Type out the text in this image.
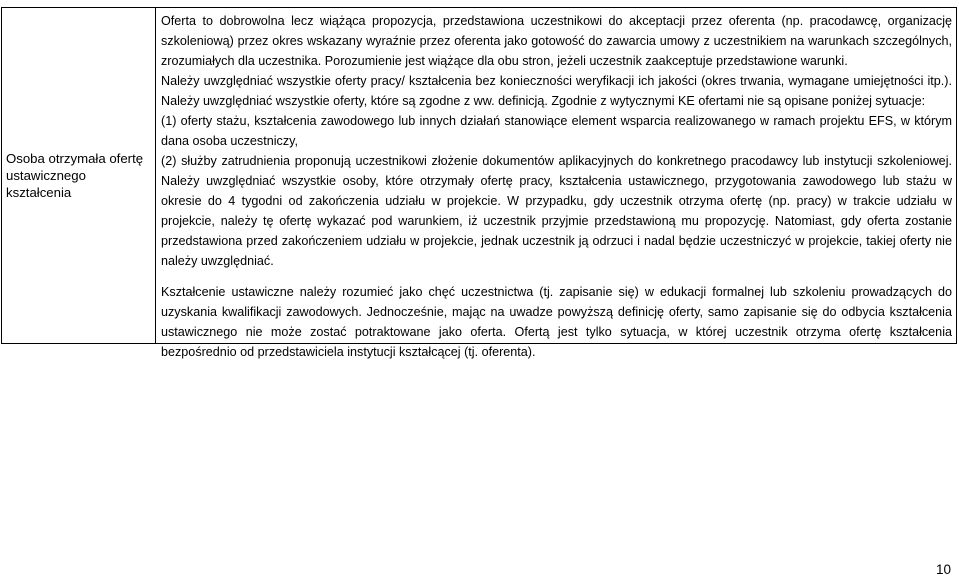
Osoba otrzymała ofertę ustawicznego kształcenia

Oferta to dobrowolna lecz wiążąca propozycja, przedstawiona uczestnikowi do akceptacji przez oferenta (np. pracodawcę, organizację szkoleniową) przez okres wskazany wyraźnie przez oferenta jako gotowość do zawarcia umowy z uczestnikiem na warunkach szczególnych, zrozumiałych dla uczestnika. Porozumienie jest wiążące dla obu stron, jeżeli uczestnik zaakceptuje przedstawione warunki.

Należy uwzględniać wszystkie oferty pracy/ kształcenia bez konieczności weryfikacji ich jakości (okres trwania, wymagane umiejętności itp.). Należy uwzględniać wszystkie oferty, które są zgodne z ww. definicją. Zgodnie z wytycznymi KE ofertami nie są opisane poniżej sytuacje:

(1) oferty stażu, kształcenia zawodowego lub innych działań stanowiące element wsparcia realizowanego w ramach projektu EFS, w którym dana osoba uczestniczy,

(2) służby zatrudnienia proponują uczestnikowi złożenie dokumentów aplikacyjnych do konkretnego pracodawcy lub instytucji szkoleniowej. Należy uwzględniać wszystkie osoby, które otrzymały ofertę pracy, kształcenia ustawicznego, przygotowania zawodowego lub stażu w okresie do 4 tygodni od zakończenia udziału w projekcie. W przypadku, gdy uczestnik otrzyma ofertę (np. pracy) w trakcie udziału w projekcie, należy tę ofertę wykazać pod warunkiem, iż uczestnik przyjmie przedstawioną mu propozycję. Natomiast, gdy oferta zostanie przedstawiona przed zakończeniem udziału w projekcie, jednak uczestnik ją odrzuci i nadal będzie uczestniczyć w projekcie, takiej oferty nie należy uwzględniać.

Kształcenie ustawiczne należy rozumieć jako chęć uczestnictwa (tj. zapisanie się) w edukacji formalnej lub szkoleniu prowadzących do uzyskania kwalifikacji zawodowych. Jednocześnie, mając na uwadze powyższą definicję oferty, samo zapisanie się do odbycia kształcenia ustawicznego nie może zostać potraktowane jako oferta. Ofertą jest tylko sytuacja, w której uczestnik otrzyma ofertę kształcenia bezpośrednio od przedstawiciela instytucji kształcącej (tj. oferenta).

10
